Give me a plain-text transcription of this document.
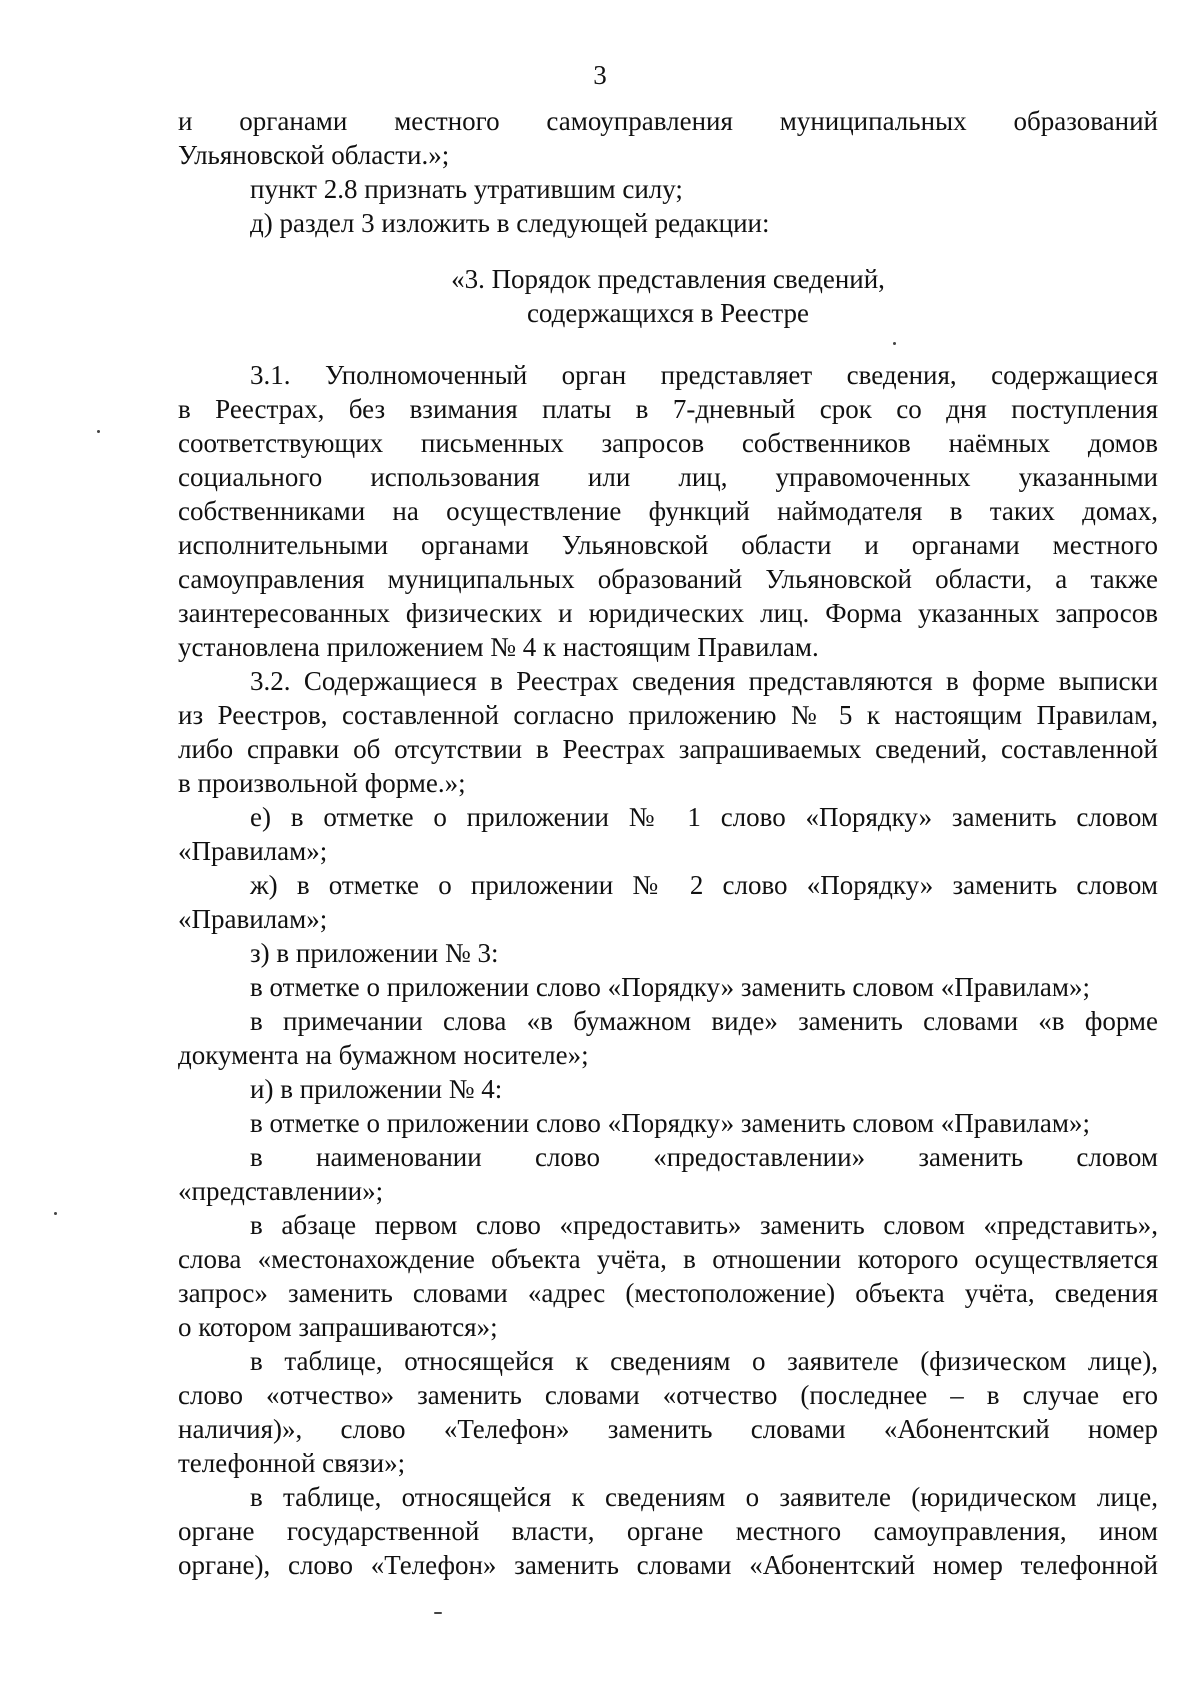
3
и органами местного самоуправления муниципальных образований
Ульяновской области.»;
пункт 2.8 признать утратившим силу;
д) раздел 3 изложить в следующей редакции:
«3. Порядок представления сведений,
содержащихся в Реестре
3.1. Уполномоченный орган представляет сведения, содержащиеся
в Реестрах, без взимания платы в 7-дневный срок со дня поступления
соответствующих письменных запросов собственников наёмных домов
социального использования или лиц, управомоченных указанными
собственниками на осуществление функций наймодателя в таких домах,
исполнительными органами Ульяновской области и органами местного
самоуправления муниципальных образований Ульяновской области, а также
заинтересованных физических и юридических лиц. Форма указанных запросов
установлена приложением № 4 к настоящим Правилам.
3.2. Содержащиеся в Реестрах сведения представляются в форме выписки
из Реестров, составленной согласно приложению № 5 к настоящим Правилам,
либо справки об отсутствии в Реестрах запрашиваемых сведений, составленной
в произвольной форме.»;
е) в отметке о приложении № 1 слово «Порядку» заменить словом
«Правилам»;
ж) в отметке о приложении № 2 слово «Порядку» заменить словом
«Правилам»;
з) в приложении № 3:
в отметке о приложении слово «Порядку» заменить словом «Правилам»;
в примечании слова «в бумажном виде» заменить словами «в форме
документа на бумажном носителе»;
и) в приложении № 4:
в отметке о приложении слово «Порядку» заменить словом «Правилам»;
в наименовании слово «предоставлении» заменить словом
«представлении»;
в абзаце первом слово «предоставить» заменить словом «представить»,
слова «местонахождение объекта учёта, в отношении которого осуществляется
запрос» заменить словами «адрес (местоположение) объекта учёта, сведения
о котором запрашиваются»;
в таблице, относящейся к сведениям о заявителе (физическом лице),
слово «отчество» заменить словами «отчество (последнее – в случае его
наличия)», слово «Телефон» заменить словами «Абонентский номер
телефонной связи»;
в таблице, относящейся к сведениям о заявителе (юридическом лице,
органе государственной власти, органе местного самоуправления, ином
органе), слово «Телефон» заменить словами «Абонентский номер телефонной
